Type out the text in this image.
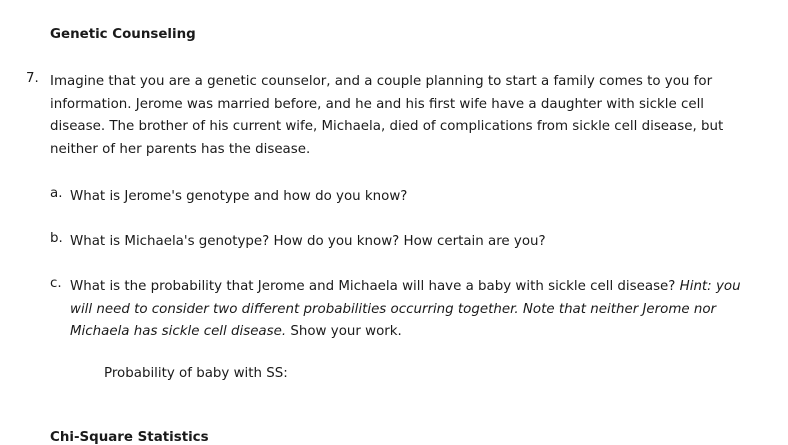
Genetic Counseling
7. Imagine that you are a genetic counselor, and a couple planning to start a family comes to you for information. Jerome was married before, and he and his first wife have a daughter with sickle cell disease. The brother of his current wife, Michaela, died of complications from sickle cell disease, but neither of her parents has the disease.
a. What is Jerome's genotype and how do you know?
b. What is Michaela's genotype? How do you know? How certain are you?
c. What is the probability that Jerome and Michaela will have a baby with sickle cell disease? Hint: you will need to consider two different probabilities occurring together. Note that neither Jerome nor Michaela has sickle cell disease. Show your work.
Probability of baby with SS:
Chi-Square Statistics
